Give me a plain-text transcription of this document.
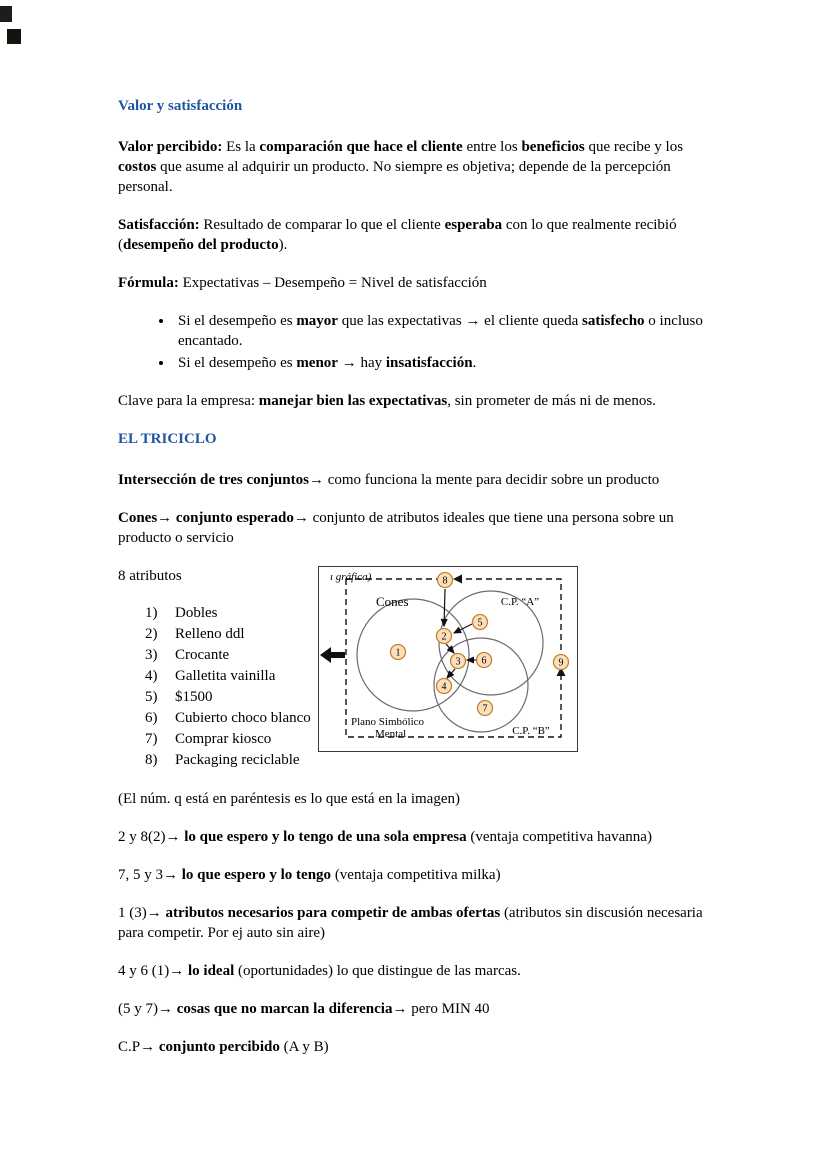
Valor y satisfacción

Valor percibido: Es la comparación que hace el cliente entre los beneficios que recibe y los costos que asume al adquirir un producto. No siempre es objetiva; depende de la percepción personal.

Satisfacción: Resultado de comparar lo que el cliente esperaba con lo que realmente recibió (desempeño del producto).

Fórmula: Expectativas – Desempeño = Nivel de satisfacción

• Si el desempeño es mayor que las expectativas → el cliente queda satisfecho o incluso encantado.
• Si el desempeño es menor → hay insatisfacción.

Clave para la empresa: manejar bien las expectativas, sin prometer de más ni de menos.

EL TRICICLO

Intersección de tres conjuntos→ como funciona la mente para decidir sobre un producto

Cones→ conjunto esperado→ conjunto de atributos ideales que tiene una persona sobre un producto o servicio

8 atributos

1)	Dobles
2)	Relleno ddl
3)	Crocante
4)	Galletita vainilla
5)	$1500
6)	Cubierto choco blanco
7)	Comprar kiosco
8)	Packaging reciclable
ı gráfica)
Cones	C.P. “A”
C.P. “B”
Plano Simbólico
Mental
1
2
3
4
5
6
7
8
9

(El núm. q está en paréntesis es lo que está en la imagen)

2 y 8(2)→ lo que espero y lo tengo de una sola empresa (ventaja competitiva havanna)

7, 5 y 3→ lo que espero y lo tengo (ventaja competitiva milka)

1 (3)→ atributos necesarios para competir de ambas ofertas (atributos sin discusión necesaria para competir. Por ej auto sin aire)

4 y 6 (1)→ lo ideal (oportunidades) lo que distingue de las marcas.

(5 y 7)→ cosas que no marcan la diferencia→ pero MIN 40

C.P→ conjunto percibido (A y B)
